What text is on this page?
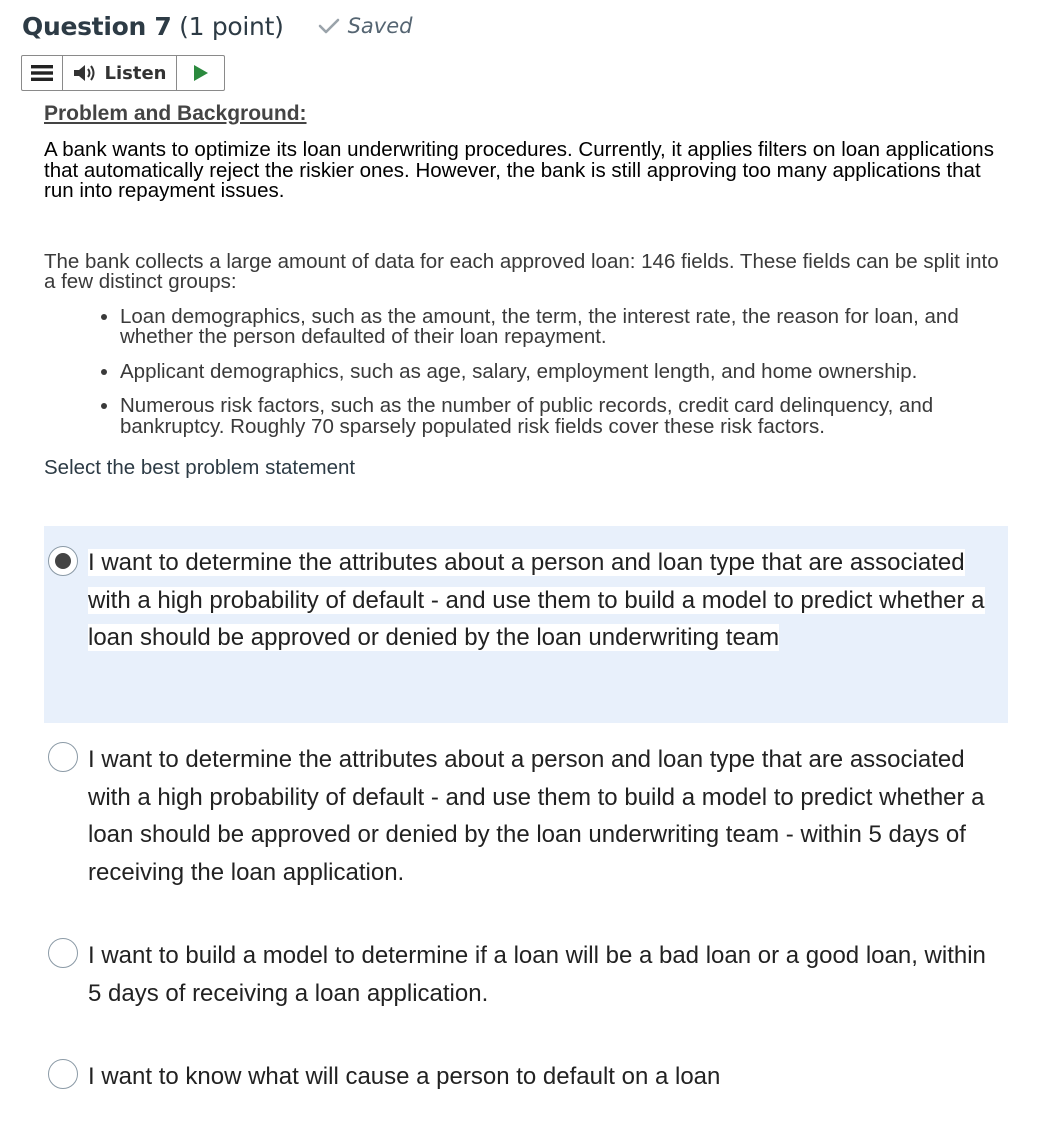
Question 7 (1 point)	Saved
Listen

Problem and Background:

A bank wants to optimize its loan underwriting procedures. Currently, it applies filters on loan applications that automatically reject the riskier ones. However, the bank is still approving too many applications that run into repayment issues.

The bank collects a large amount of data for each approved loan: 146 fields. These fields can be split into a few distinct groups:

• Loan demographics, such as the amount, the term, the interest rate, the reason for loan, and whether the person defaulted of their loan repayment.
• Applicant demographics, such as age, salary, employment length, and home ownership.
• Numerous risk factors, such as the number of public records, credit card delinquency, and bankruptcy. Roughly 70 sparsely populated risk fields cover these risk factors.

Select the best problem statement

I want to determine the attributes about a person and loan type that are associated with a high probability of default - and use them to build a model to predict whether a loan should be approved or denied by the loan underwriting team
I want to determine the attributes about a person and loan type that are associated with a high probability of default - and use them to build a model to predict whether a loan should be approved or denied by the loan underwriting team - within 5 days of receiving the loan application.
I want to build a model to determine if a loan will be a bad loan or a good loan, within 5 days of receiving a loan application.
I want to know what will cause a person to default on a loan
